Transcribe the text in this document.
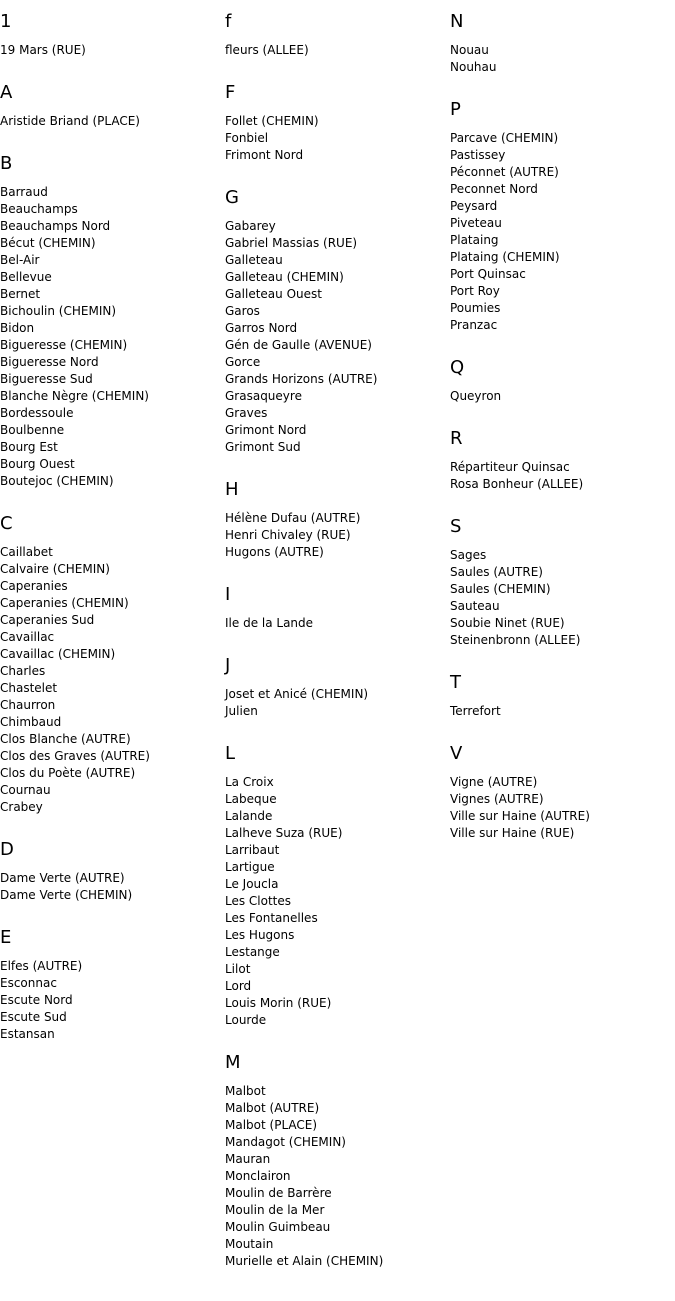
1
19 Mars (RUE)
A
Aristide Briand (PLACE)
B
Barraud
Beauchamps
Beauchamps Nord
Bécut (CHEMIN)
Bel-Air
Bellevue
Bernet
Bichoulin (CHEMIN)
Bidon
Bigueresse (CHEMIN)
Bigueresse Nord
Bigueresse Sud
Blanche Nègre (CHEMIN)
Bordessoule
Boulbenne
Bourg Est
Bourg Ouest
Boutejoc (CHEMIN)
C
Caillabet
Calvaire (CHEMIN)
Caperanies
Caperanies (CHEMIN)
Caperanies Sud
Cavaillac
Cavaillac (CHEMIN)
Charles
Chastelet
Chaurron
Chimbaud
Clos Blanche (AUTRE)
Clos des Graves (AUTRE)
Clos du Poète (AUTRE)
Cournau
Crabey
D
Dame Verte (AUTRE)
Dame Verte (CHEMIN)
E
Elfes (AUTRE)
Esconnac
Escute Nord
Escute Sud
Estansan
f
fleurs (ALLEE)
F
Follet (CHEMIN)
Fonbiel
Frimont Nord
G
Gabarey
Gabriel Massias (RUE)
Galleteau
Galleteau (CHEMIN)
Galleteau Ouest
Garos
Garros Nord
Gén de Gaulle (AVENUE)
Gorce
Grands Horizons (AUTRE)
Grasaqueyre
Graves
Grimont Nord
Grimont Sud
H
Hélène Dufau (AUTRE)
Henri Chivaley (RUE)
Hugons (AUTRE)
I
Ile de la Lande
J
Joset et Anicé (CHEMIN)
Julien
L
La Croix
Labeque
Lalande
Lalheve Suza (RUE)
Larribaut
Lartigue
Le Joucla
Les Clottes
Les Fontanelles
Les Hugons
Lestange
Lilot
Lord
Louis Morin (RUE)
Lourde
M
Malbot
Malbot (AUTRE)
Malbot (PLACE)
Mandagot (CHEMIN)
Mauran
Monclairon
Moulin de Barrère
Moulin de la Mer
Moulin Guimbeau
Moutain
Murielle et Alain (CHEMIN)
N
Nouau
Nouhau
P
Parcave (CHEMIN)
Pastissey
Péconnet (AUTRE)
Peconnet Nord
Peysard
Piveteau
Plataing
Plataing (CHEMIN)
Port Quinsac
Port Roy
Poumies
Pranzac
Q
Queyron
R
Répartiteur Quinsac
Rosa Bonheur (ALLEE)
S
Sages
Saules (AUTRE)
Saules (CHEMIN)
Sauteau
Soubie Ninet (RUE)
Steinenbronn (ALLEE)
T
Terrefort
V
Vigne (AUTRE)
Vignes (AUTRE)
Ville sur Haine (AUTRE)
Ville sur Haine (RUE)
